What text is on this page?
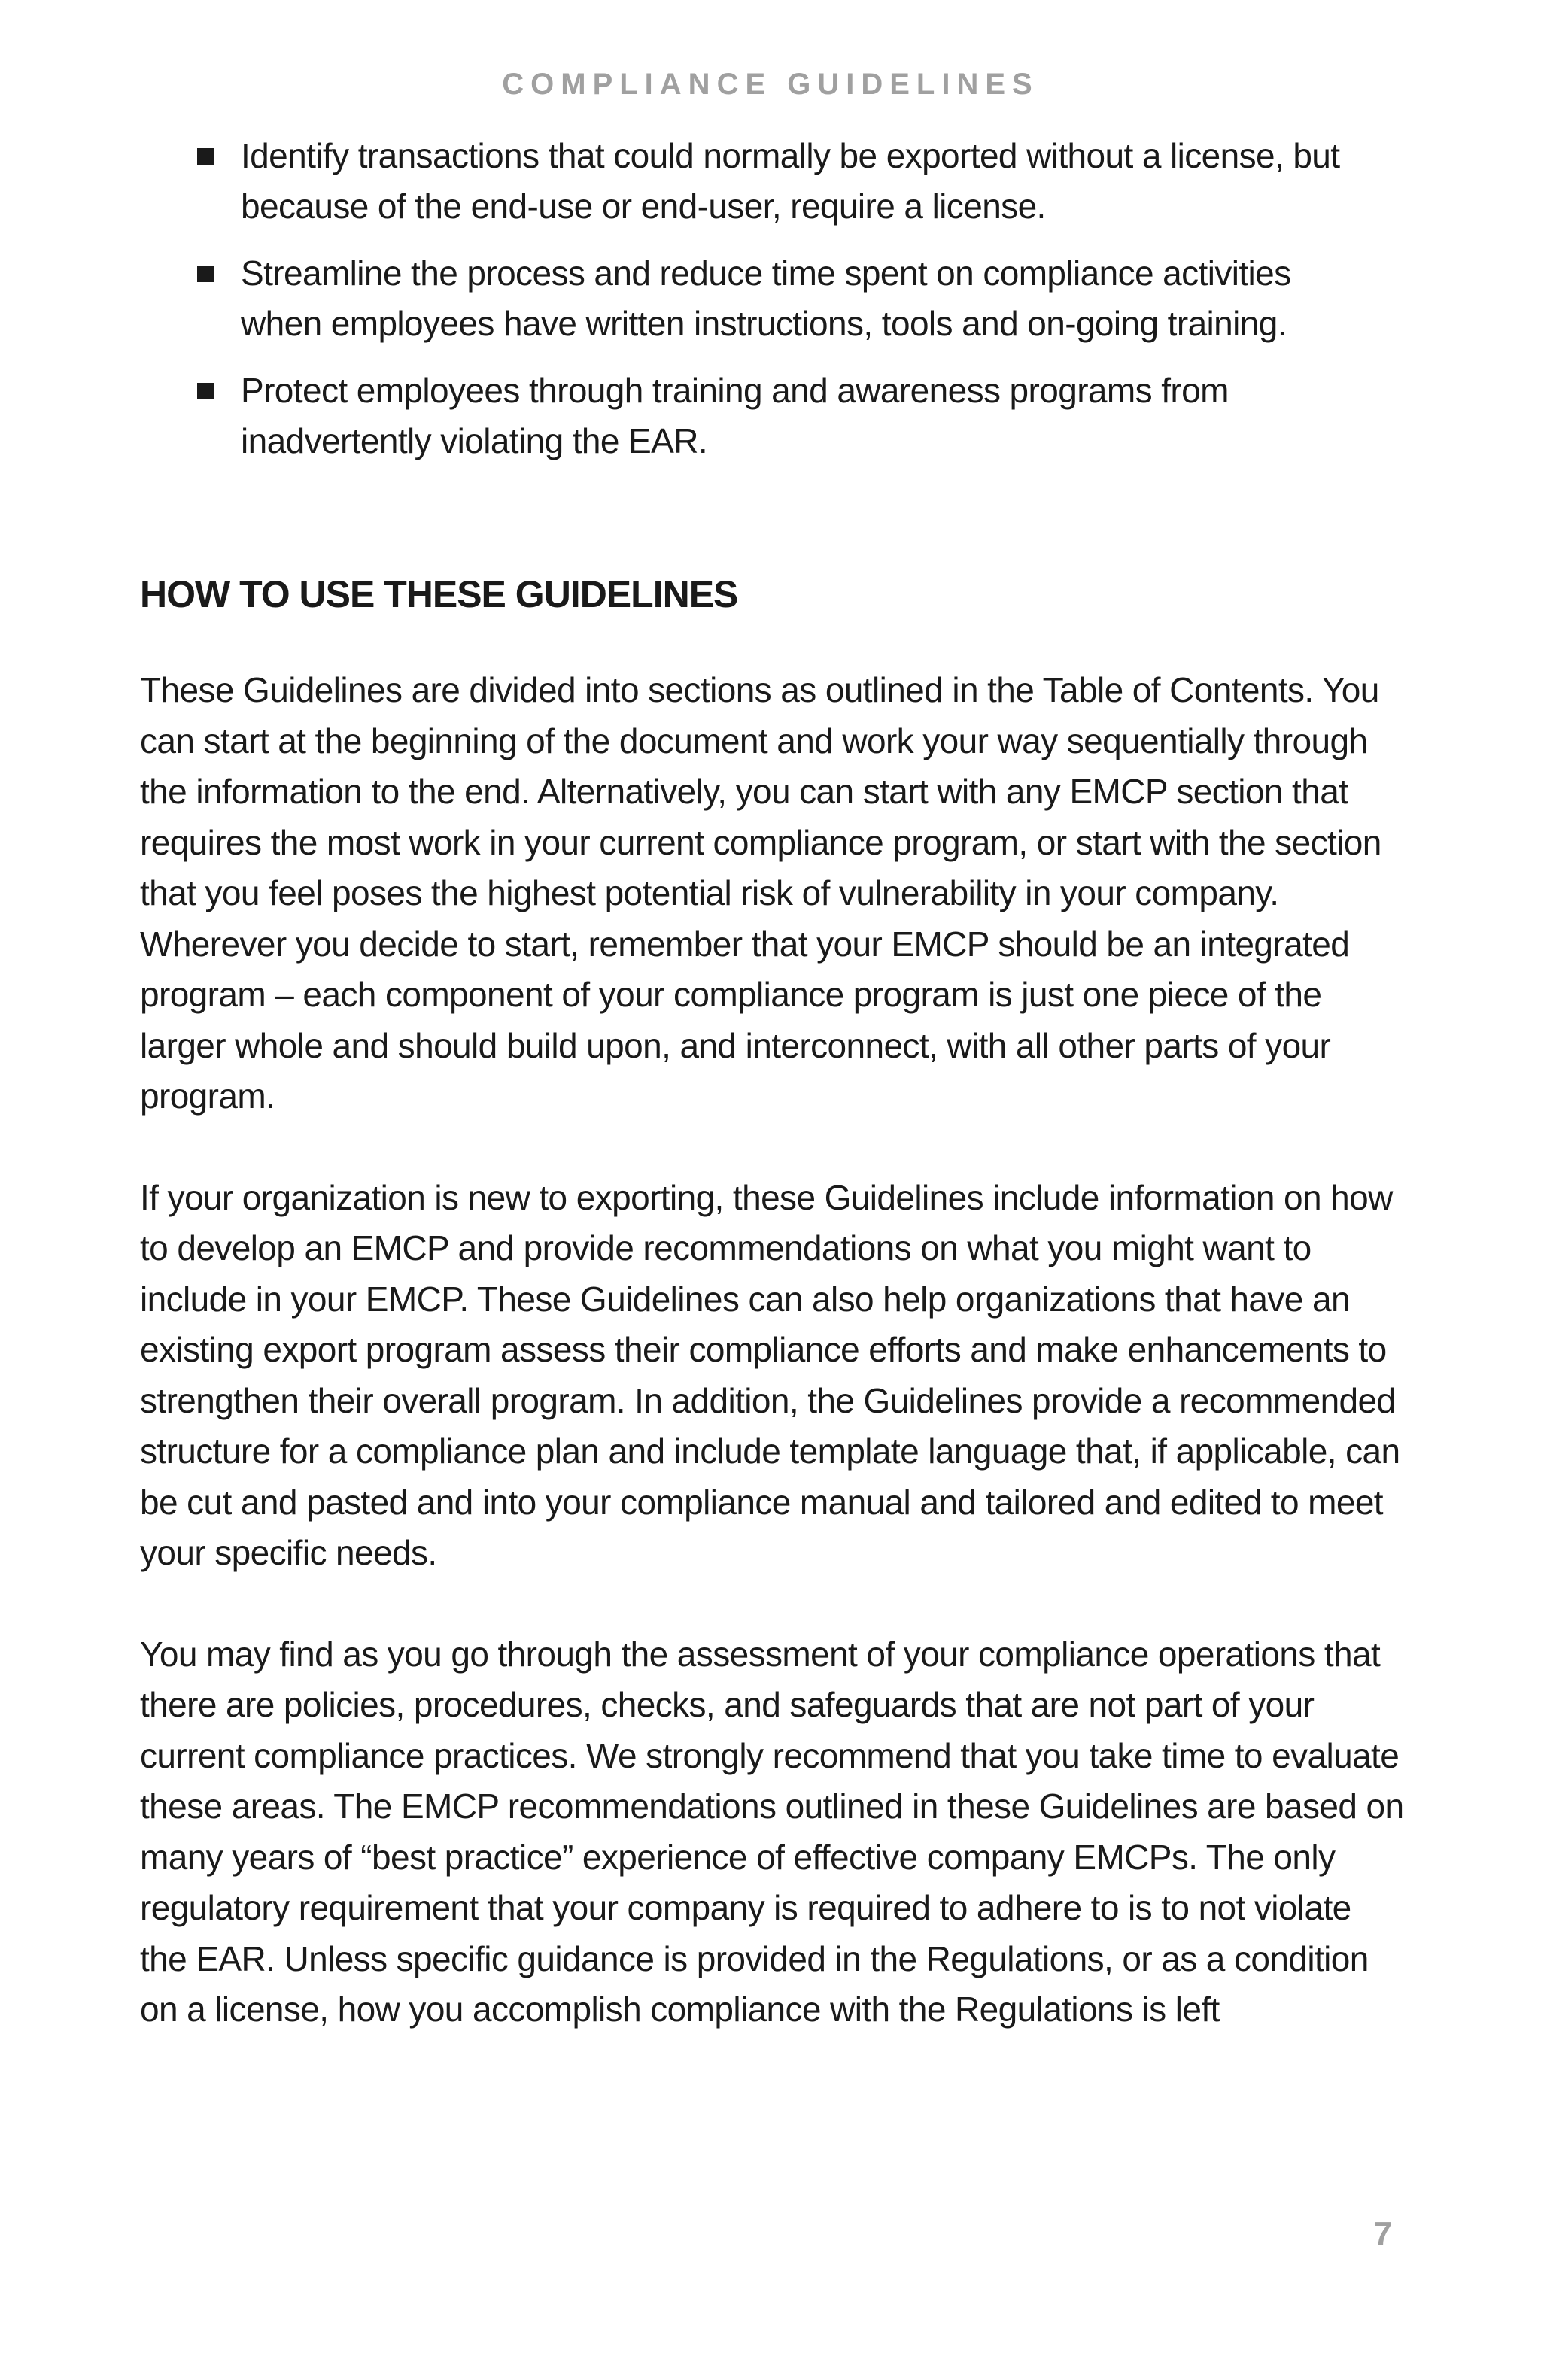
COMPLIANCE GUIDELINES
Identify transactions that could normally be exported without a license, but because of the end-use or end-user, require a license.
Streamline the process and reduce time spent on compliance activities when employees have written instructions, tools and on-going training.
Protect employees through training and awareness programs from inadvertently violating the EAR.
HOW TO USE THESE GUIDELINES

These Guidelines are divided into sections as outlined in the Table of Contents. You can start at the beginning of the document and work your way sequentially through the information to the end. Alternatively, you can start with any EMCP section that requires the most work in your current compliance program, or start with the section that you feel poses the highest potential risk of vulnerability in your company. Wherever you decide to start, remember that your EMCP should be an integrated program – each component of your compliance program is just one piece of the larger whole and should build upon, and interconnect, with all other parts of your program.

If your organization is new to exporting, these Guidelines include information on how to develop an EMCP and provide recommendations on what you might want to include in your EMCP. These Guidelines can also help organizations that have an existing export program assess their compliance efforts and make enhancements to strengthen their overall program. In addition, the Guidelines provide a recommended structure for a compliance plan and include template language that, if applicable, can be cut and pasted and into your compliance manual and tailored and edited to meet your specific needs.

You may find as you go through the assessment of your compliance operations that there are policies, procedures, checks, and safeguards that are not part of your current compliance practices. We strongly recommend that you take time to evaluate these areas. The EMCP recommendations outlined in these Guidelines are based on many years of “best practice” experience of effective company EMCPs. The only regulatory requirement that your company is required to adhere to is to not violate the EAR. Unless specific guidance is provided in the Regulations, or as a condition on a license, how you accomplish compliance with the Regulations is left

7
